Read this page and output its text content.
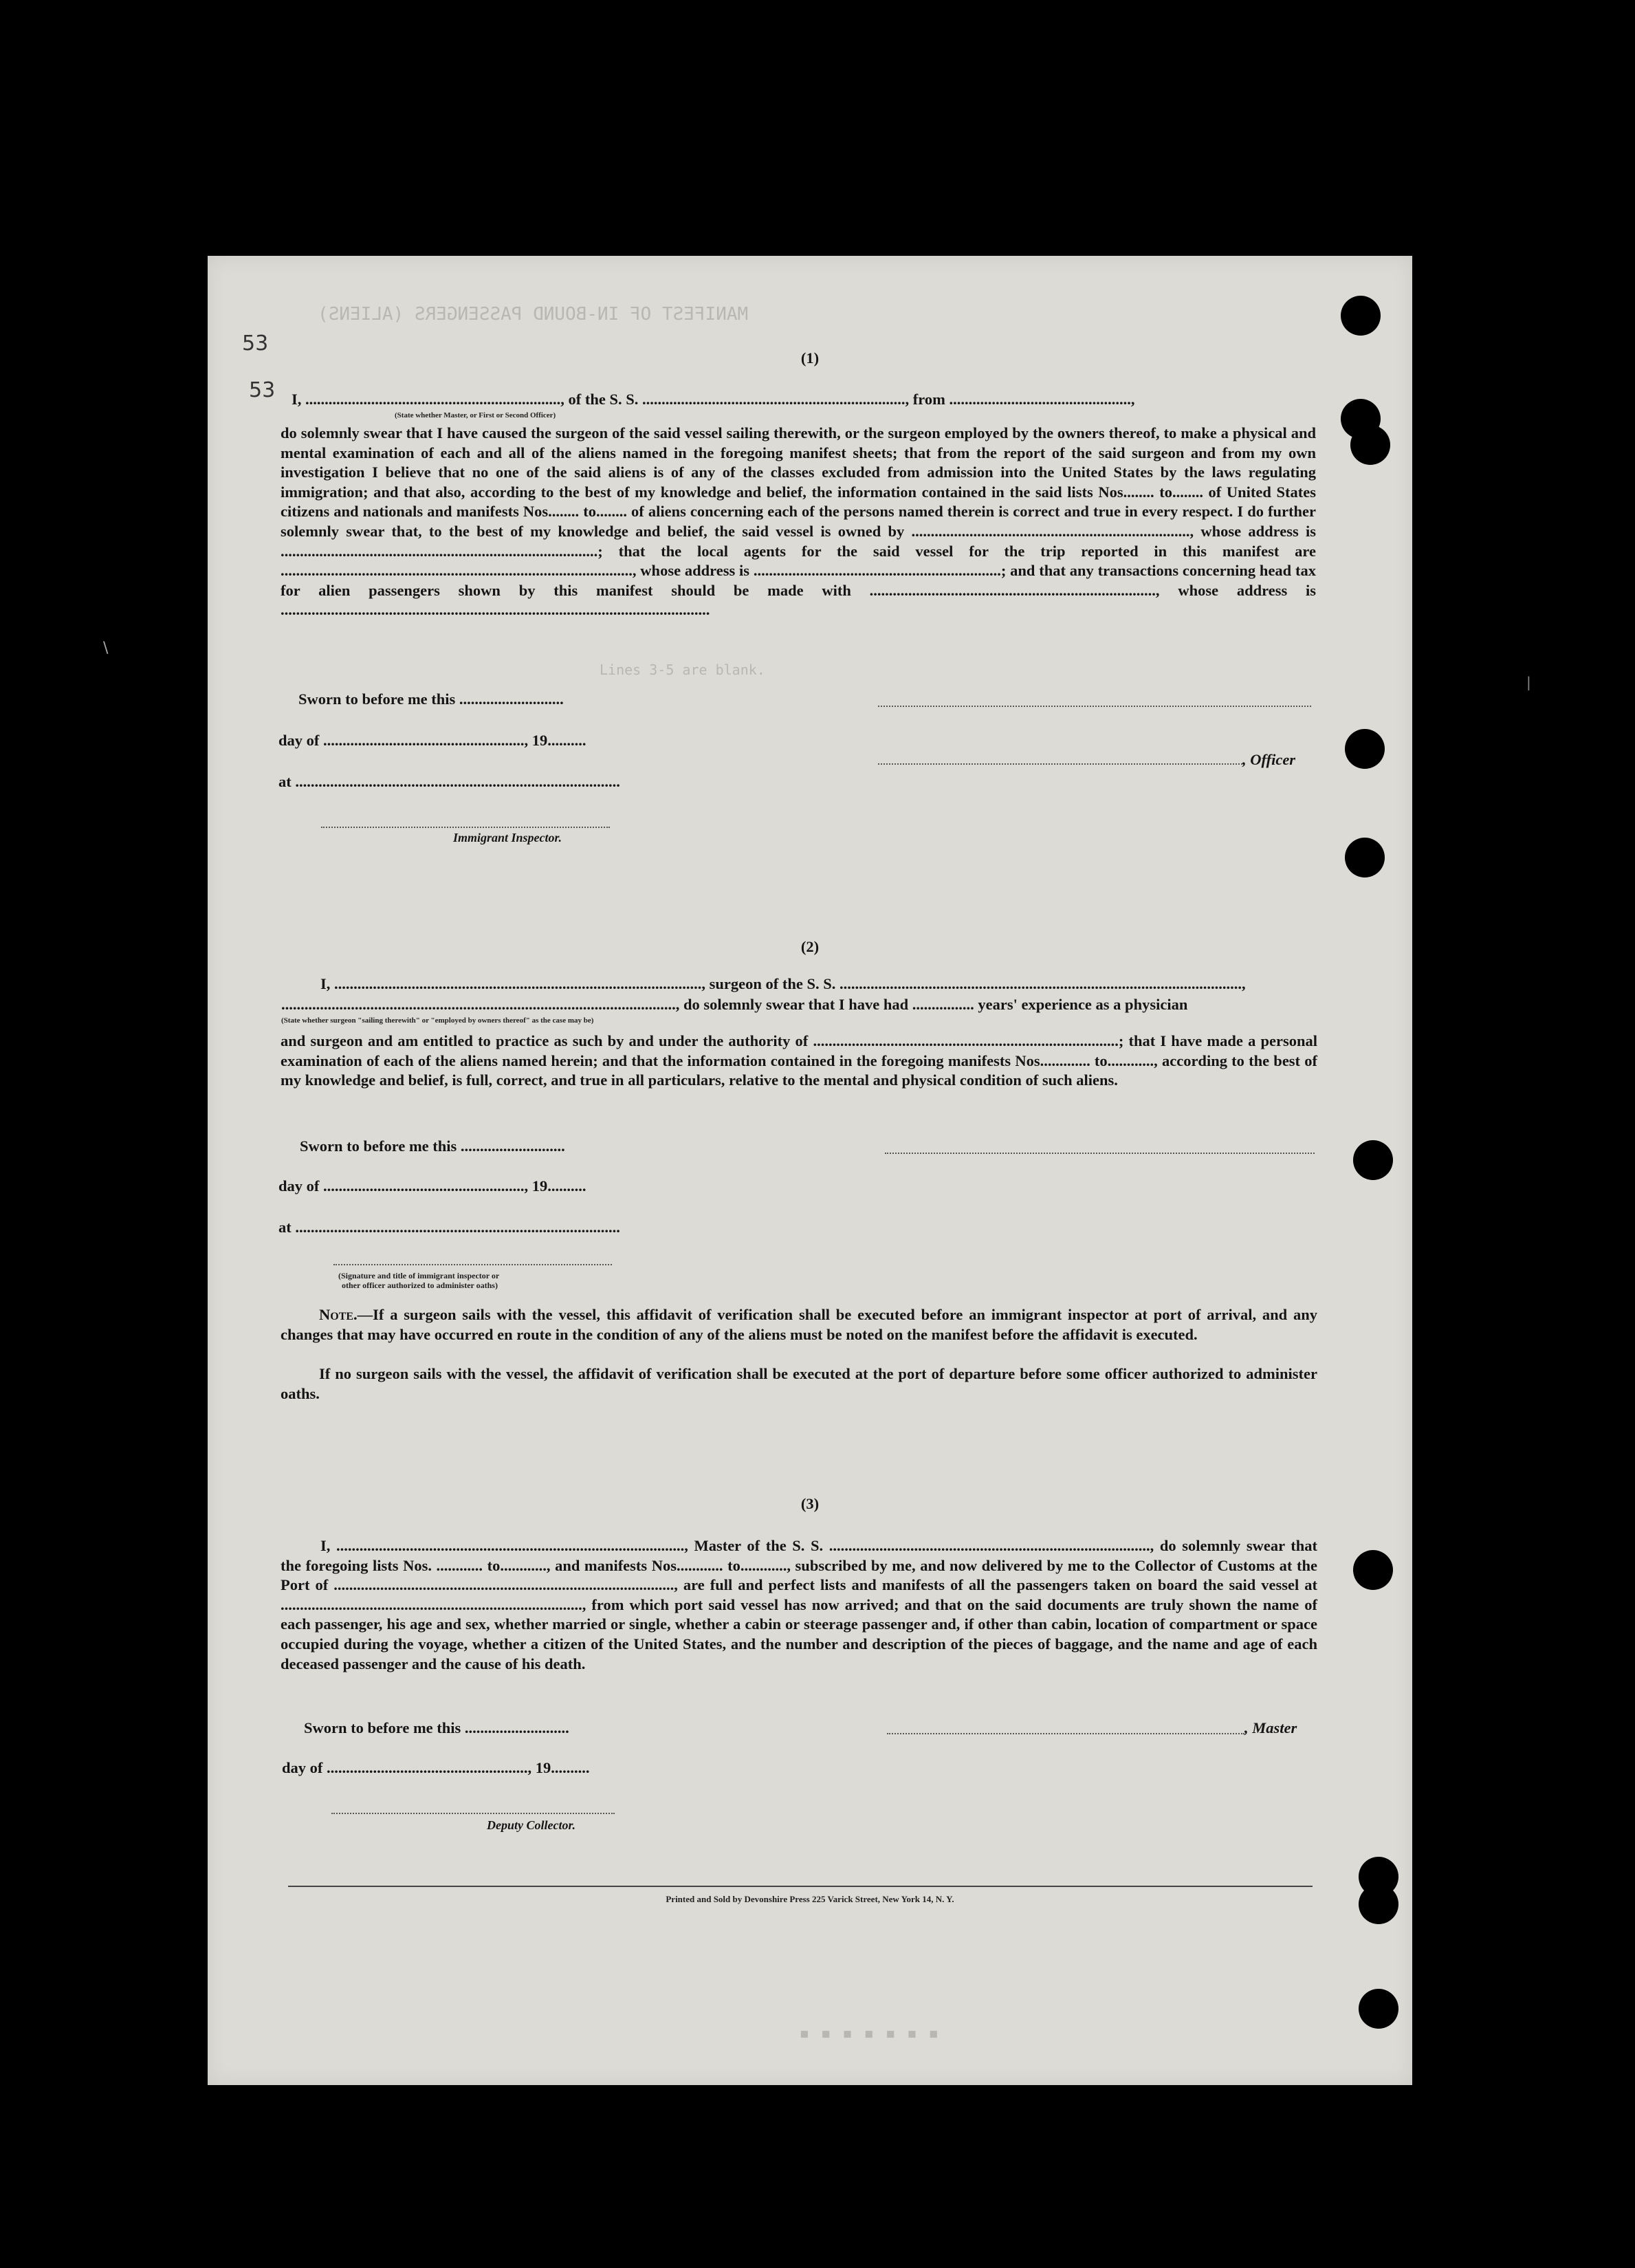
MANIFEST OF IN-BOUND PASSENGERS (ALIENS)
Lines 3-5 are blank.
53
53
(1)
I, .................................................................., of the S. S. ...................................................................., from ...............................................,
(State whether Master, or First or Second Officer)
do solemnly swear that I have caused the surgeon of the said vessel sailing therewith, or the surgeon employed by the owners thereof, to make a physical and mental examination of each and all of the aliens named in the foregoing manifest sheets; that from the report of the said surgeon and from my own investigation I believe that no one of the said aliens is of any of the classes excluded from admission into the United States by the laws regulating immigration; and that also, according to the best of my knowledge and belief, the information contained in the said lists Nos........ to........ of United States citizens and nationals and manifests Nos........ to........ of aliens concerning each of the persons named therein is correct and true in every respect. I do further solemnly swear that, to the best of my knowledge and belief, the said vessel is owned by ........................................................................, whose address is ..................................................................................; that the local agents for the said vessel for the trip reported in this manifest are ..........................................................................................., whose address is ................................................................; and that any transactions concerning head tax for alien passengers shown by this manifest should be made with .........................................................................., whose address is ...............................................................................................................
Sworn to before me this ...........................
day of ...................................................., 19..........
, Officer
at ....................................................................................
Immigrant Inspector.
(2)
I, ..............................................................................................., surgeon of the S. S. ........................................................................................................,
......................................................................................................, do solemnly swear that I have had ................ years' experience as a physician
(State whether surgeon "sailing therewith" or "employed by owners thereof" as the case may be)
and surgeon and am entitled to practice as such by and under the authority of ...............................................................................; that I have made a personal examination of each of the aliens named herein; and that the information contained in the foregoing manifests Nos............. to............, according to the best of my knowledge and belief, is full, correct, and true in all particulars, relative to the mental and physical condition of such aliens.
Sworn to before me this ...........................
day of ...................................................., 19..........
at ....................................................................................
(Signature and title of immigrant inspector or
other officer authorized to administer oaths)
Note.—If a surgeon sails with the vessel, this affidavit of verification shall be executed before an immigrant inspector at port of arrival, and any changes that may have occurred en route in the condition of any of the aliens must be noted on the manifest before the affidavit is executed.
If no surgeon sails with the vessel, the affidavit of verification shall be executed at the port of departure before some officer authorized to administer oaths.
(3)
I, .........................................................................................., Master of the S. S. ..................................................................................., do solemnly swear that the foregoing lists Nos. ............ to............, and manifests Nos............ to............, subscribed by me, and now delivered by me to the Collector of Customs at the Port of ........................................................................................, are full and perfect lists and manifests of all the passengers taken on board the said vessel at .............................................................................., from which port said vessel has now arrived; and that on the said documents are truly shown the name of each passenger, his age and sex, whether married or single, whether a cabin or steerage passenger and, if other than cabin, location of compartment or space occupied during the voyage, whether a citizen of the United States, and the number and description of the pieces of baggage, and the name and age of each deceased passenger and the cause of his death.
Sworn to before me this ...........................	, Master
day of ...................................................., 19..........
Deputy Collector.
Printed and Sold by Devonshire Press 225 Varick Street, New York 14, N. Y.
▪ ▪ ▪ ▪ ▪ ▪ ▪
\
|
